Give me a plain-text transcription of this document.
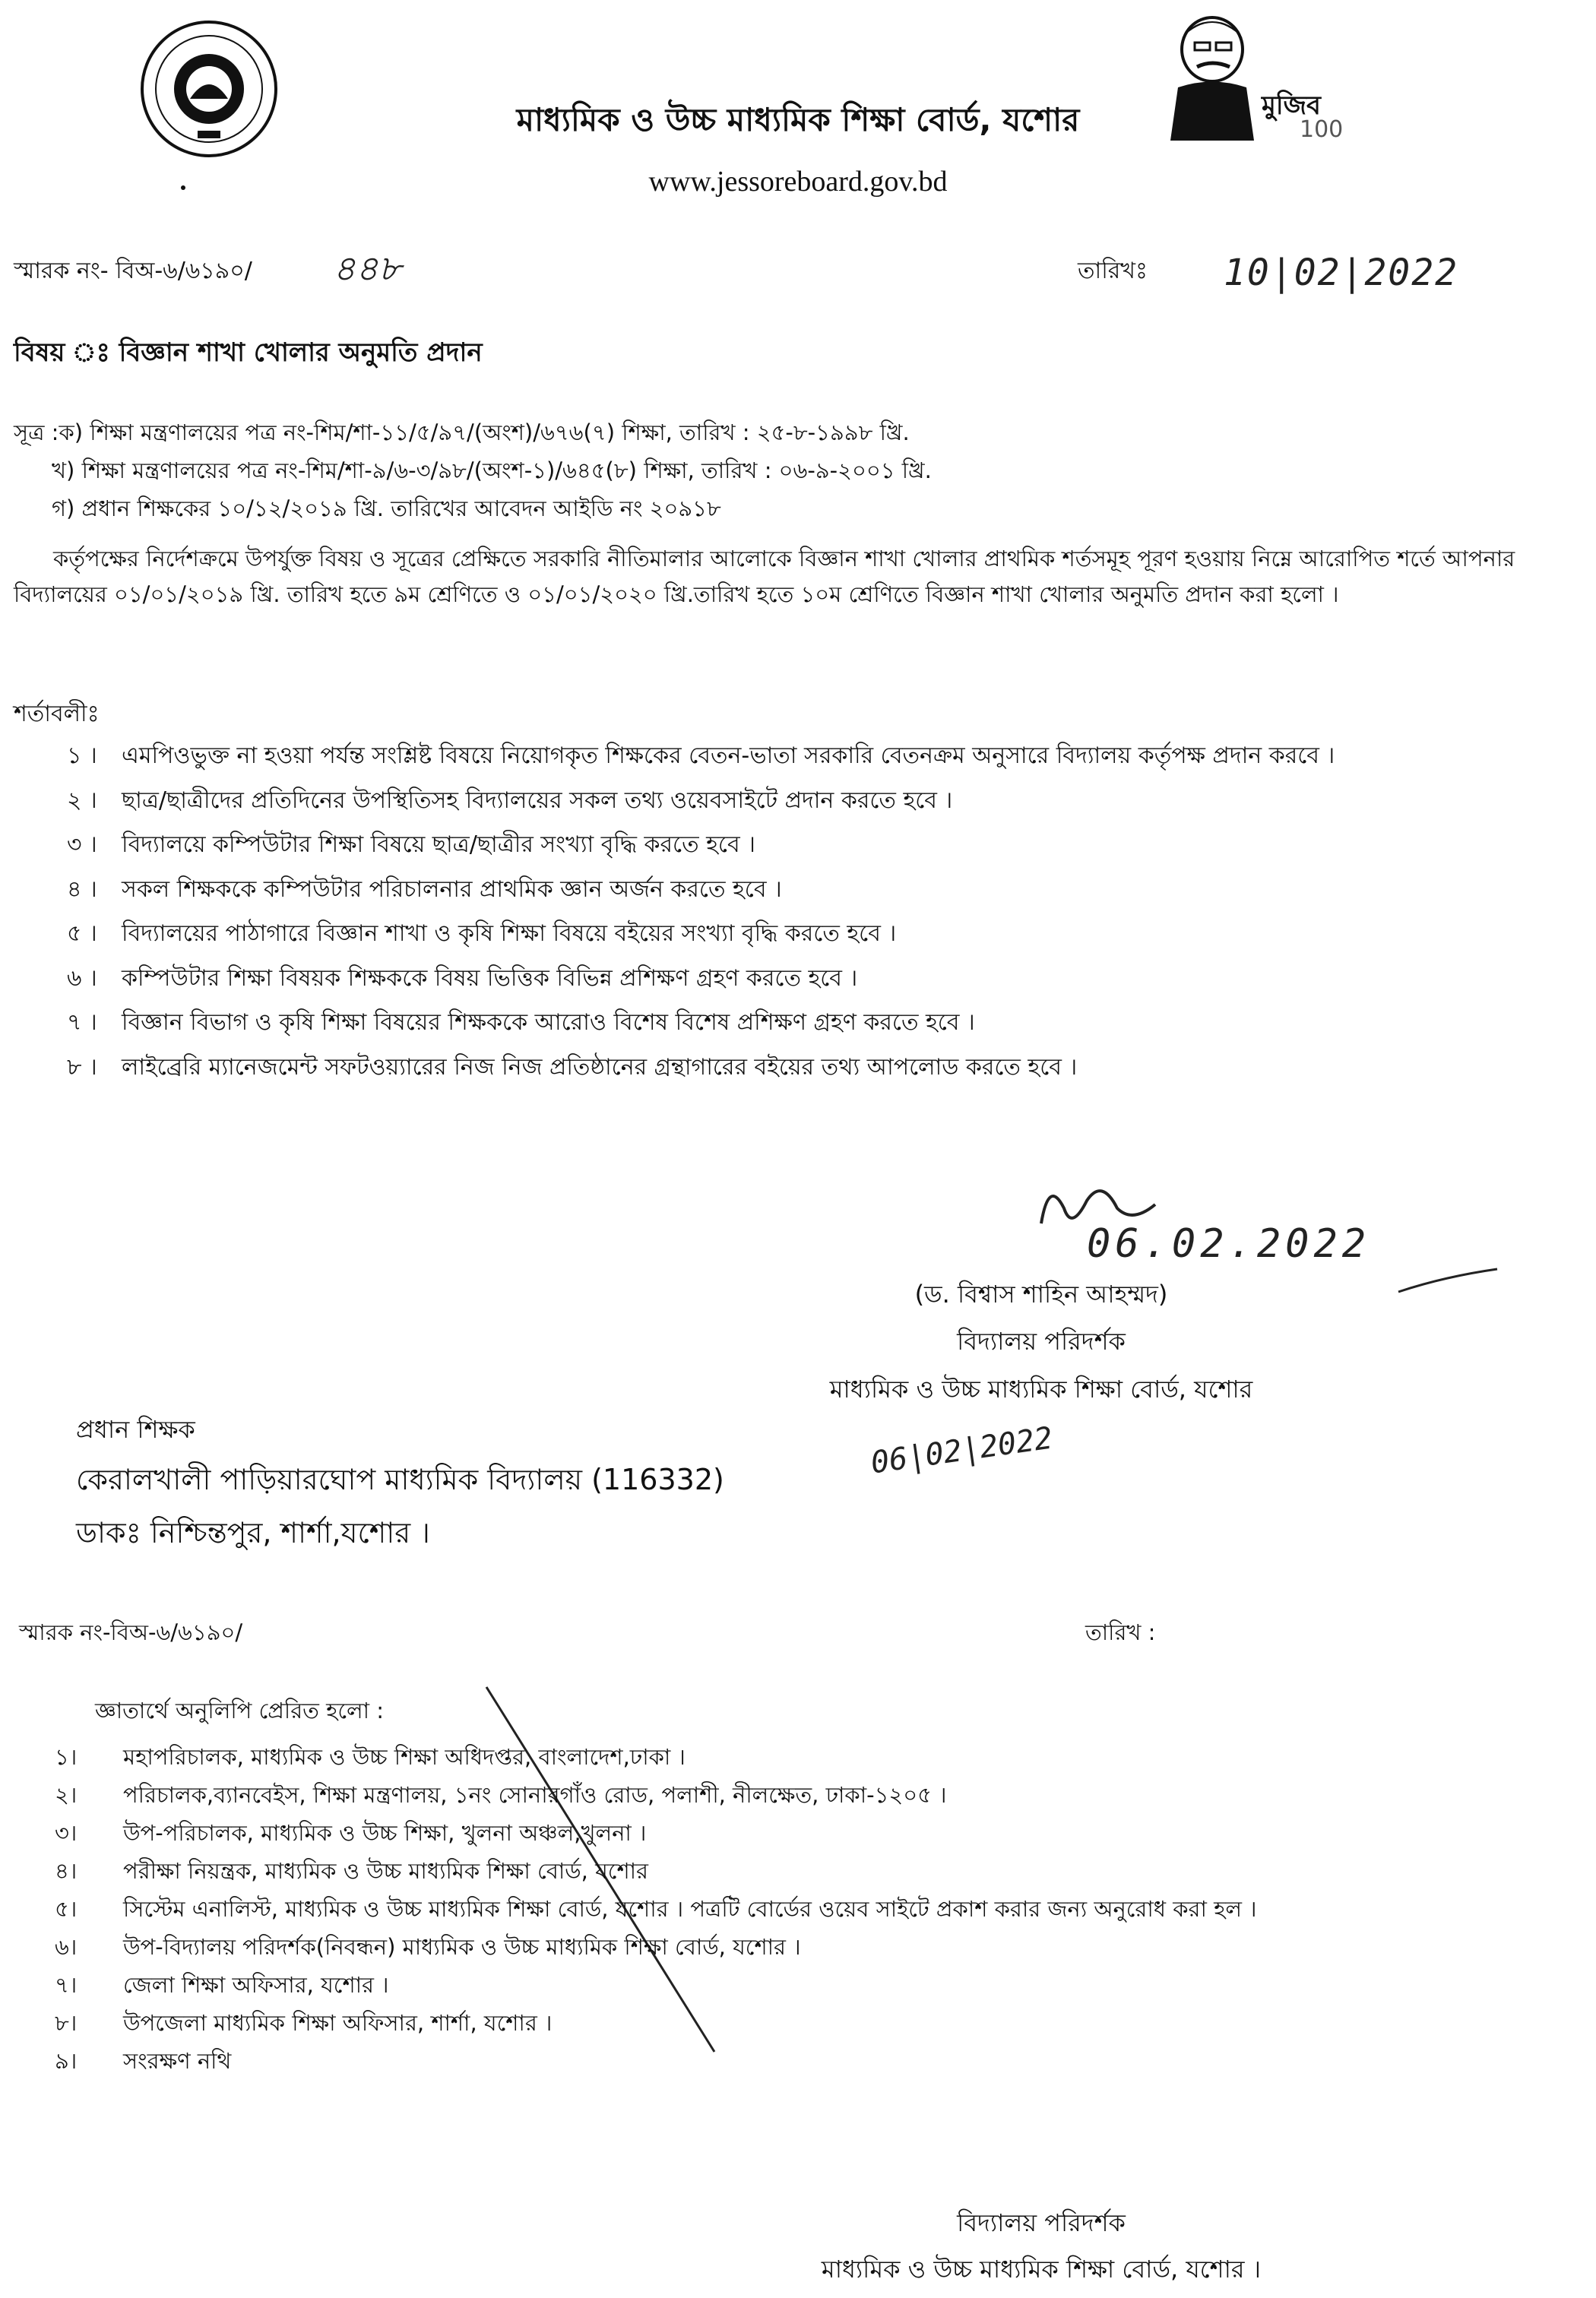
মুজিব
100
মাধ্যমিক ও উচ্চ মাধ্যমিক শিক্ষা বোর্ড, যশোর
www.jessoreboard.gov.bd
স্মারক নং- বিঅ-৬/৬১৯০/ ৪৪৮	তারিখঃ 10|02|2022
বিষয় ঃ বিজ্ঞান শাখা খোলার অনুমতি প্রদান
সূত্র :ক) শিক্ষা মন্ত্রণালয়ের পত্র নং-শিম/শা-১১/৫/৯৭/(অংশ)/৬৭৬(৭) শিক্ষা, তারিখ : ২৫-৮-১৯৯৮ খ্রি.
খ) শিক্ষা মন্ত্রণালয়ের পত্র নং-শিম/শা-৯/৬-৩/৯৮/(অংশ-১)/৬৪৫(৮) শিক্ষা, তারিখ : ০৬-৯-২০০১ খ্রি.
গ) প্রধান শিক্ষকের ১০/১২/২০১৯ খ্রি. তারিখের আবেদন আইডি নং ২০৯১৮
কর্তৃপক্ষের নির্দেশক্রমে উপর্যুক্ত বিষয় ও সূত্রের প্রেক্ষিতে সরকারি নীতিমালার আলোকে বিজ্ঞান শাখা খোলার প্রাথমিক শর্তসমূহ পূরণ হওয়ায় নিম্নে আরোপিত শর্তে আপনার বিদ্যালয়ের ০১/০১/২০১৯ খ্রি. তারিখ হতে ৯ম শ্রেণিতে ও ০১/০১/২০২০ খ্রি.তারিখ হতে ১০ম শ্রেণিতে বিজ্ঞান শাখা খোলার অনুমতি প্রদান করা হলো ।
শর্তাবলীঃ
১ ।	এমপিওভুক্ত না হওয়া পর্যন্ত সংশ্লিষ্ট বিষয়ে নিয়োগকৃত শিক্ষকের বেতন-ভাতা সরকারি বেতনক্রম অনুসারে বিদ্যালয় কর্তৃপক্ষ প্রদান করবে ।
২ ।	ছাত্র/ছাত্রীদের প্রতিদিনের উপস্থিতিসহ বিদ্যালয়ের সকল তথ্য ওয়েবসাইটে প্রদান করতে হবে ।
৩ ।	বিদ্যালয়ে কম্পিউটার শিক্ষা বিষয়ে ছাত্র/ছাত্রীর সংখ্যা বৃদ্ধি করতে হবে ।
৪ ।	সকল শিক্ষককে কম্পিউটার পরিচালনার প্রাথমিক জ্ঞান অর্জন করতে হবে ।
৫ ।	বিদ্যালয়ের পাঠাগারে বিজ্ঞান শাখা ও কৃষি শিক্ষা বিষয়ে বইয়ের সংখ্যা বৃদ্ধি করতে হবে ।
৬ ।	কম্পিউটার শিক্ষা বিষয়ক শিক্ষককে বিষয় ভিত্তিক বিভিন্ন প্রশিক্ষণ গ্রহণ করতে হবে ।
৭ ।	বিজ্ঞান বিভাগ ও কৃষি শিক্ষা বিষয়ের শিক্ষককে আরোও বিশেষ বিশেষ প্রশিক্ষণ গ্রহণ করতে হবে ।
৮ ।	লাইব্রেরি ম্যানেজমেন্ট সফটওয়্যারের নিজ নিজ প্রতিষ্ঠানের গ্রন্থাগারের বইয়ের তথ্য আপলোড করতে হবে ।
06.02.2022
(ড. বিশ্বাস শাহিন আহম্মদ)
বিদ্যালয় পরিদর্শক
মাধ্যমিক ও উচ্চ মাধ্যমিক শিক্ষা বোর্ড, যশোর
প্রধান শিক্ষক
কেরালখালী পাড়িয়ারঘোপ মাধ্যমিক বিদ্যালয় (116332)
ডাকঃ নিশ্চিন্তপুর, শার্শা,যশোর ।
06|02|2022
স্মারক নং-বিঅ-৬/৬১৯০/	তারিখ :
জ্ঞাতার্থে অনুলিপি প্রেরিত হলো :
১।	মহাপরিচালক, মাধ্যমিক ও উচ্চ শিক্ষা অধিদপ্তর, বাংলাদেশ,ঢাকা ।
২।	পরিচালক,ব্যানবেইস, শিক্ষা মন্ত্রণালয়, ১নং সোনারগাঁও রোড, পলাশী, নীলক্ষেত, ঢাকা-১২০৫ ।
৩।	উপ-পরিচালক, মাধ্যমিক ও উচ্চ শিক্ষা, খুলনা অঞ্চল,খুলনা ।
৪।	পরীক্ষা নিয়ন্ত্রক, মাধ্যমিক ও উচ্চ মাধ্যমিক শিক্ষা বোর্ড, যশোর
৫।	সিস্টেম এনালিস্ট, মাধ্যমিক ও উচ্চ মাধ্যমিক শিক্ষা বোর্ড, যশোর । পত্রটি বোর্ডের ওয়েব সাইটে প্রকাশ করার জন্য অনুরোধ করা হল ।
৬।	উপ-বিদ্যালয় পরিদর্শক(নিবন্ধন) মাধ্যমিক ও উচ্চ মাধ্যমিক শিক্ষা বোর্ড, যশোর ।
৭।	জেলা শিক্ষা অফিসার, যশোর ।
৮।	উপজেলা মাধ্যমিক শিক্ষা অফিসার, শার্শা, যশোর ।
৯।	সংরক্ষণ নথি
বিদ্যালয় পরিদর্শক
মাধ্যমিক ও উচ্চ মাধ্যমিক শিক্ষা বোর্ড, যশোর ।
